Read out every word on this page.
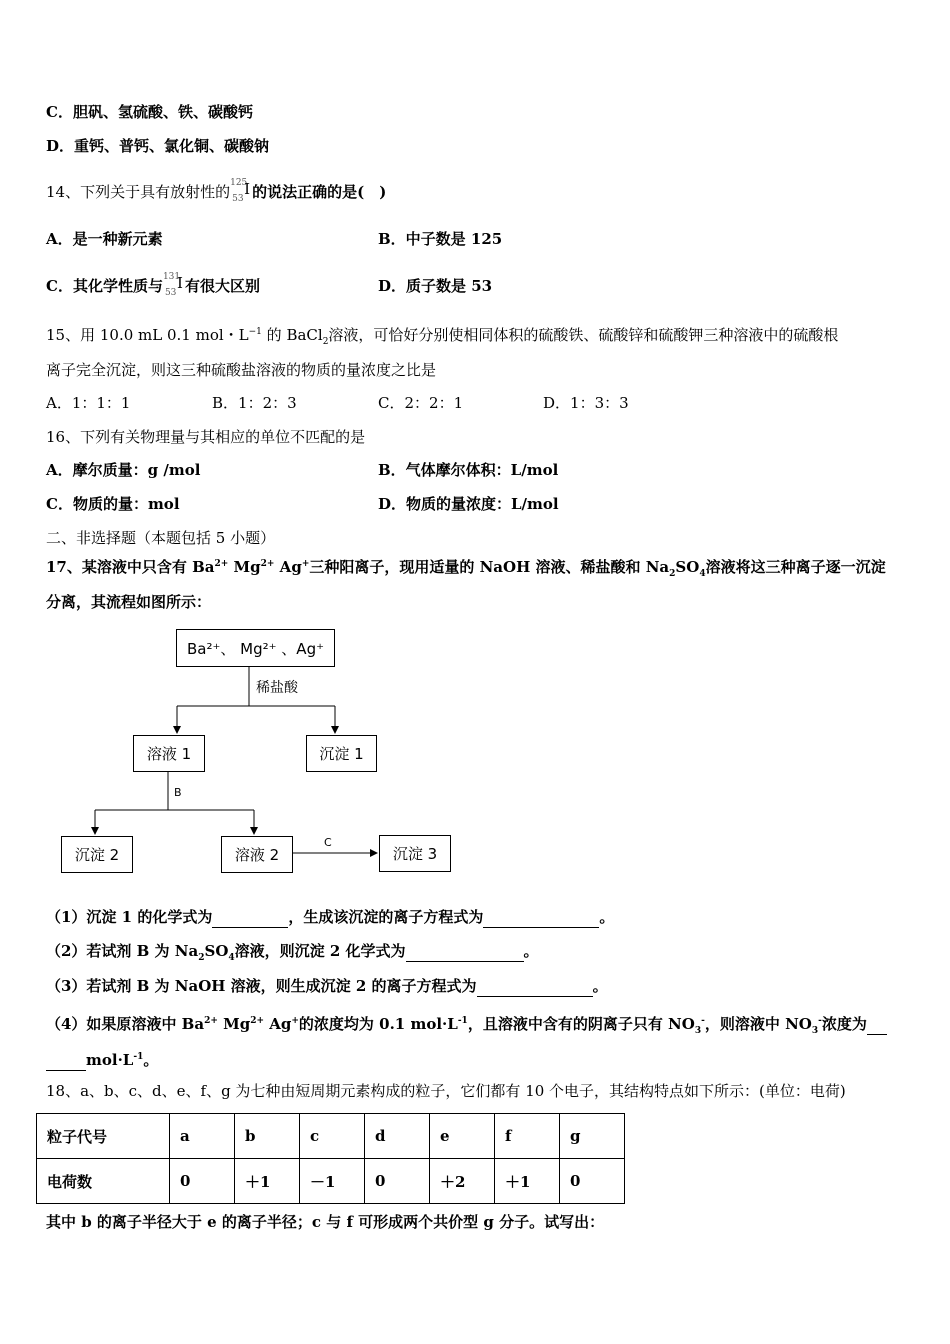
C．胆矾、氢硫酸、铁、碳酸钙
D．重钙、普钙、氯化铜、碳酸钠
14、下列关于具有放射性的 125
53
I 的说法正确的是(　)
A．是一种新元素	B．中子数是 125
C．其化学性质与 131
53
I 有很大区别	D．质子数是 53
15、用 10.0 mL 0.1 mol・$L^{-1}$ 的 BaCl$_2$溶液，可恰好分别使相同体积的硫酸铁、硫酸锌和硫酸钾三种溶液中的硫酸根
离子完全沉淀，则这三种硫酸盐溶液的物质的量浓度之比是
A．1：1：1	B．1：2：3	C．2：2：1	D．1：3：3
16、下列有关物理量与其相应的单位不匹配的是
A．摩尔质量：g /mol	B．气体摩尔体积：L/mol
C．物质的量：mol	D．物质的量浓度：L/mol
二、非选择题（本题包括 5 小题）
17、某溶液中只含有 $Ba^{2+}$ $Mg^{2+}$ Ag+三种阳离子，现用适量的 NaOH 溶液、稀盐酸和 $Na_2SO_4$溶液将这三种离子逐一沉淀
分离，其流程如图所示：
Ba²⁺、 Mg²⁺ 、Ag⁺
稀盐酸
溶液 1	沉淀 1
B
沉淀 2	溶液 2
C
沉淀 3
（1）沉淀 1 的化学式为	，生成该沉淀的离子方程式为	。
（2）若试剂 B 为 $Na_2SO_4$溶液，则沉淀 2 化学式为	。
（3）若试剂 B 为 NaOH 溶液，则生成沉淀 2 的离子方程式为	。
（4）如果原溶液中 $Ba^{2+}$ $Mg^{2+}$ Ag+的浓度均为 0.1 $mol\cdot L^{-1}$，且溶液中含有的阴离子只有 $NO_3^-$，则溶液中 $NO_3^-$浓度为
$mol\cdot L^{-1}$。
18、a、b、c、d、e、f、g 为七种由短周期元素构成的粒子，它们都有 10 个电子，其结构特点如下所示：(单位：电荷)
粒子代号	a	b	c	d	e	f	g
电荷数	0	＋1	－1	0	＋2	＋1	0
其中 b 的离子半径大于 e 的离子半径；c 与 f 可形成两个共价型 g 分子。试写出：
